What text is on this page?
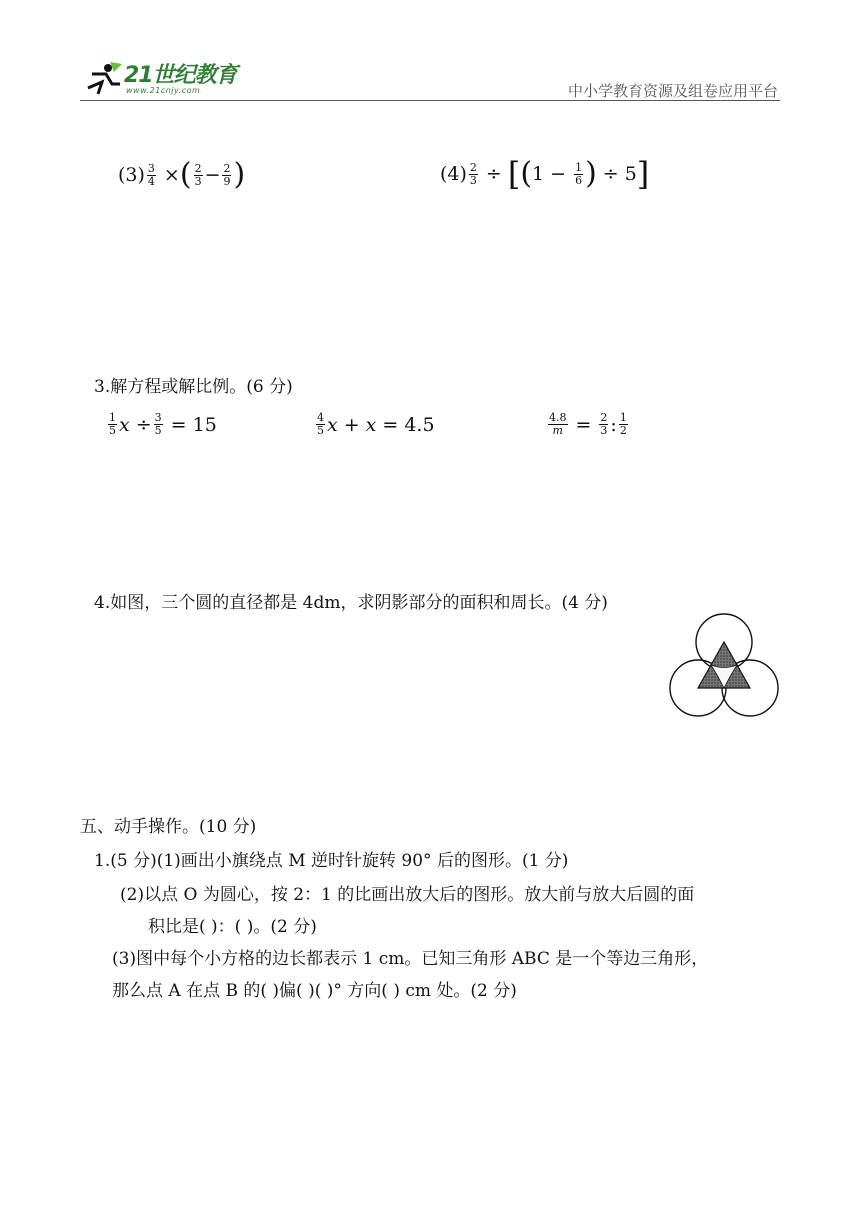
21世纪教育
www.21cnjy.com	中小学教育资源及组卷应用平台
$(3) \frac{3}{4}$ × ( $\frac{2}{3} - \frac{2}{9}$ )	$(4) \frac{2}{3}$ ÷ [ ( $1 - \frac{1}{6}$ ) ÷ 5 ]
3.解方程或解比例。(6 分)
$\frac{1}{5}$ $x \div \frac{3}{5} = 15$	$\frac{4}{5}$ x + x = 4.5	$\frac{4.8}{m} = \frac{2}{3}$ : $\frac{1}{2}$
4.如图，三个圆的直径都是 4dm，求阴影部分的面积和周长。(4 分)
五、动手操作。(10 分)
1.(5 分)(1)画出小旗绕点 M 逆时针旋转 90° 后的图形。(1 分)
(2)以点 O 为圆心，按 2：1 的比画出放大后的图形。放大前与放大后圆的面
积比是( )：( )。(2 分)
(3)图中每个小方格的边长都表示 1 cm。已知三角形 ABC 是一个等边三角形，
那么点 A 在点 B 的( )偏( )( )° 方向( ) cm 处。(2 分)
